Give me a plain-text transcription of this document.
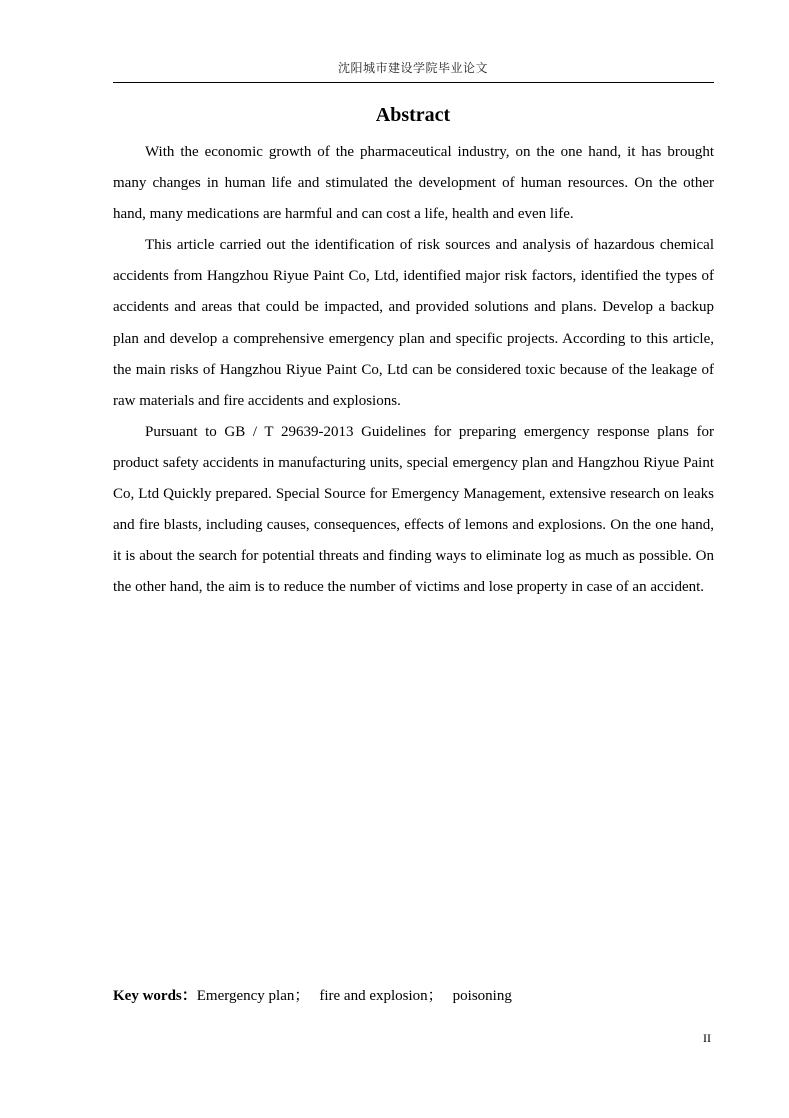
沈阳城市建设学院毕业论文
Abstract

With the economic growth of the pharmaceutical industry, on the one hand, it has brought many changes in human life and stimulated the development of human resources. On the other hand, many medications are harmful and can cost a life, health and even life.

This article carried out the identification of risk sources and analysis of hazardous chemical accidents from Hangzhou Riyue Paint Co, Ltd, identified major risk factors, identified the types of accidents and areas that could be impacted, and provided solutions and plans. Develop a backup plan and develop a comprehensive emergency plan and specific projects. According to this article, the main risks of Hangzhou Riyue Paint Co, Ltd can be considered toxic because of the leakage of raw materials and fire accidents and explosions.

Pursuant to GB / T 29639-2013 Guidelines for preparing emergency response plans for product safety accidents in manufacturing units, special emergency plan and Hangzhou Riyue Paint Co, Ltd Quickly prepared. Special Source for Emergency Management, extensive research on leaks and fire blasts, including causes, consequences, effects of lemons and explosions. On the one hand, it is about the search for potential threats and finding ways to eliminate log as much as possible. On the other hand, the aim is to reduce the number of victims and lose property in case of an accident.

Key words：Emergency plan； fire and explosion； poisoning
II
